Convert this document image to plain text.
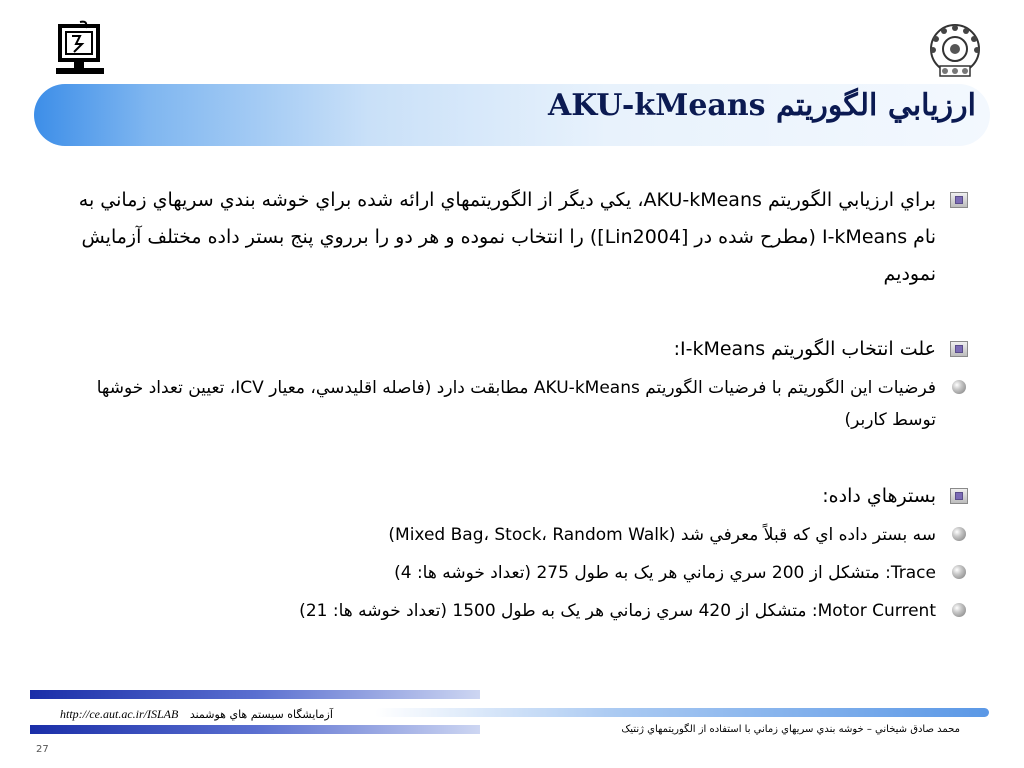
ارزيابي الگوريتم AKU-kMeans
براي ارزيابي الگوريتم AKU-kMeans، يکي ديگر از الگوريتمهاي ارائه شده براي خوشه بندي سريهاي زماني به نام I-kMeans (مطرح شده در [Lin2004]) را انتخاب نموده و هر دو را برروي پنج بستر داده مختلف آزمايش نموديم
علت انتخاب الگوريتم I-kMeans:
فرضيات اين الگوريتم با فرضيات الگوريتم AKU-kMeans مطابقت دارد (فاصله اقليدسي، معيار ICV، تعيين تعداد خوشها توسط کاربر)
بسترهاي داده:
سه بستر داده اي که قبلاً معرفي شد (Mixed Bag، Stock، Random Walk)
Trace: متشکل از 200 سري زماني هر يک به طول 275 (تعداد خوشه ها: 4)
Motor Current: متشکل از 420 سري زماني هر يک به طول 1500 (تعداد خوشه ها: 21)
http://ce.aut.ac.ir/ISLAB آزمايشگاه سيستم هاي هوشمند
محمد صادق شيخاني – خوشه بندي سريهاي زماني با استفاده از الگوريتمهاي ژنتيک
27
